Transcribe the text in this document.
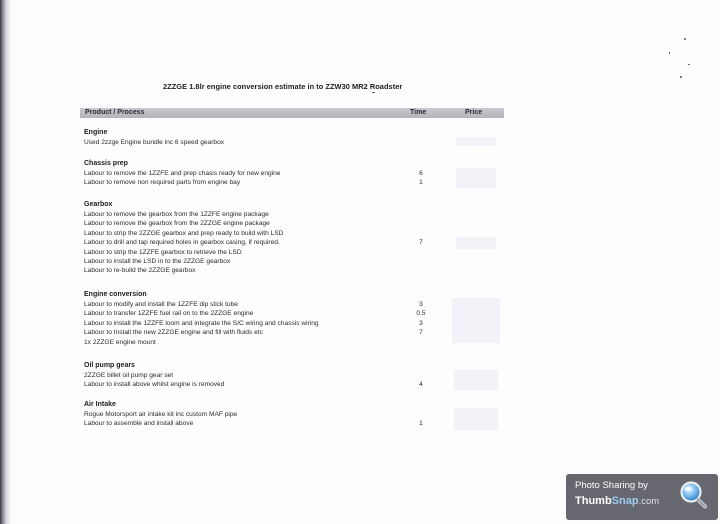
2ZZGE 1.8lr engine conversion estimate in to ZZW30 MR2 Roadster
Product / Process	Time	Price
Engine
Used 2zzge Engine bundle inc 6 speed gearbox
Chassis prep
Labour to remove the 1ZZFE and prep chasis ready for new engine	6
Labour to remove non required parts from engine bay	1
Gearbox
Labour to remove the gearbox from the 1ZZFE engine package
Labour to remove the gearbox from the 2ZZGE engine package
Labour to strip the 2ZZGE gearbox and prep ready to build with LSD
Labour to drill and tap required holes in gearbox casing, if required.	7
Labour to strip the 1ZZFE gearbox to retrieve the LSD
Labour to install the LSD in to the 2ZZGE gearbox
Labour to re-build the 2ZZGE gearbox
Engine conversion
Labour to modify and install the 1ZZFE dip stick tube	3
Labour to transfer 1ZZFE fuel rail on to the 2ZZGE engine	0.5
Labour to install the 1ZZFE loom and integrate the S/C wiring and chassis wiring	3
Labour to Install the new 2ZZGE engine and fill with fluids etc	7
1x 2ZZGE engine mount
Oil pump gears
2ZZGE billet oil pump gear set
Labour to install above whilst engine is removed	4
Air Intake
Rogue Motorsport air intake kit inc custom MAF pipe
Labour to assemble and install above	1
Photo Sharing by
ThumbSnap.com
